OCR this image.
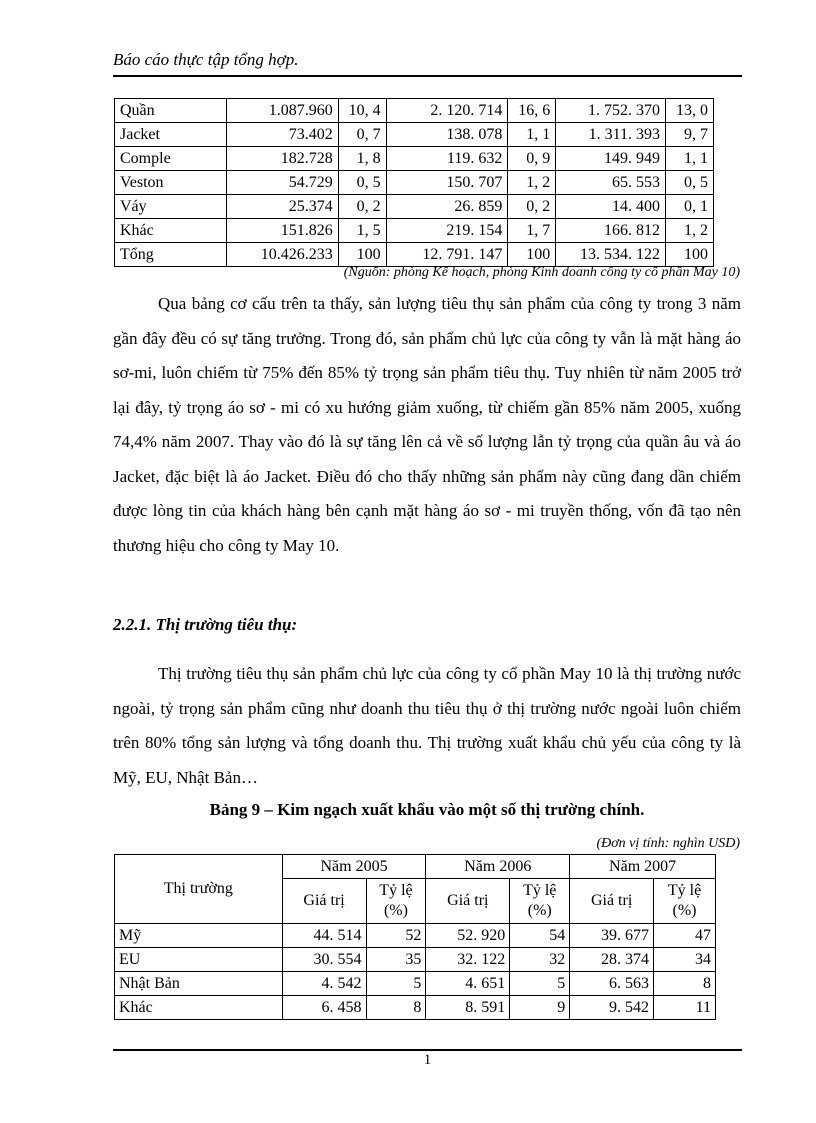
Báo cáo thực tập tổng hợp.
Quần	1.087.960	10, 4	2. 120. 714	16, 6	1. 752. 370	13, 0
Jacket	73.402	0, 7	138. 078	1, 1	1. 311. 393	9, 7
Comple	182.728	1, 8	119. 632	0, 9	149. 949	1, 1
Veston	54.729	0, 5	150. 707	1, 2	65. 553	0, 5
Váy	25.374	0, 2	26. 859	0, 2	14. 400	0, 1
Khác	151.826	1, 5	219. 154	1, 7	166. 812	1, 2
Tổng	10.426.233	100	12. 791. 147	100	13. 534. 122	100
(Nguồn: phòng Kế hoạch, phòng Kinh doanh công ty cổ phần May 10)

Qua bảng cơ cấu trên ta thấy, sản lượng tiêu thụ sản phẩm của công ty trong 3 năm gần đây đều có sự tăng trưởng. Trong đó, sản phẩm chủ lực của công ty vẫn là mặt hàng áo sơ-mi, luôn chiếm từ 75% đến 85% tỷ trọng sản phẩm tiêu thụ. Tuy nhiên từ năm 2005 trở lại đây, tỷ trọng áo sơ - mi có xu hướng giảm xuống, từ chiếm gần 85% năm 2005, xuống 74,4% năm 2007. Thay vào đó là sự tăng lên cả về số lượng lẫn tỷ trọng của quần âu và áo Jacket, đặc biệt là áo Jacket. Điều đó cho thấy những sản phẩm này cũng đang dần chiếm được lòng tin của khách hàng bên cạnh mặt hàng áo sơ - mi truyền thống, vốn đã tạo nên thương hiệu cho công ty May 10.

2.2.1. Thị trường tiêu thụ:

Thị trường tiêu thụ sản phẩm chủ lực của công ty cổ phần May 10 là thị trường nước ngoài, tỷ trọng sản phẩm cũng như doanh thu tiêu thụ ở thị trường nước ngoài luôn chiếm trên 80% tổng sản lượng và tổng doanh thu. Thị trường xuất khẩu chủ yếu của công ty là Mỹ, EU, Nhật Bản…

Bảng 9 – Kim ngạch xuất khẩu vào một số thị trường chính.
(Đơn vị tính: nghìn USD)
Thị trường	Năm 2005		Năm 2006		Năm 2007	
	Giá trị	Tỷ lệ (%)	Giá trị	Tỷ lệ (%)	Giá trị	Tỷ lệ (%)
Mỹ	44. 514	52	52. 920	54	39. 677	47
EU	30. 554	35	32. 122	32	28. 374	34
Nhật Bản	4. 542	5	4. 651	5	6. 563	8
Khác	6. 458	8	8. 591	9	9. 542	11
1
